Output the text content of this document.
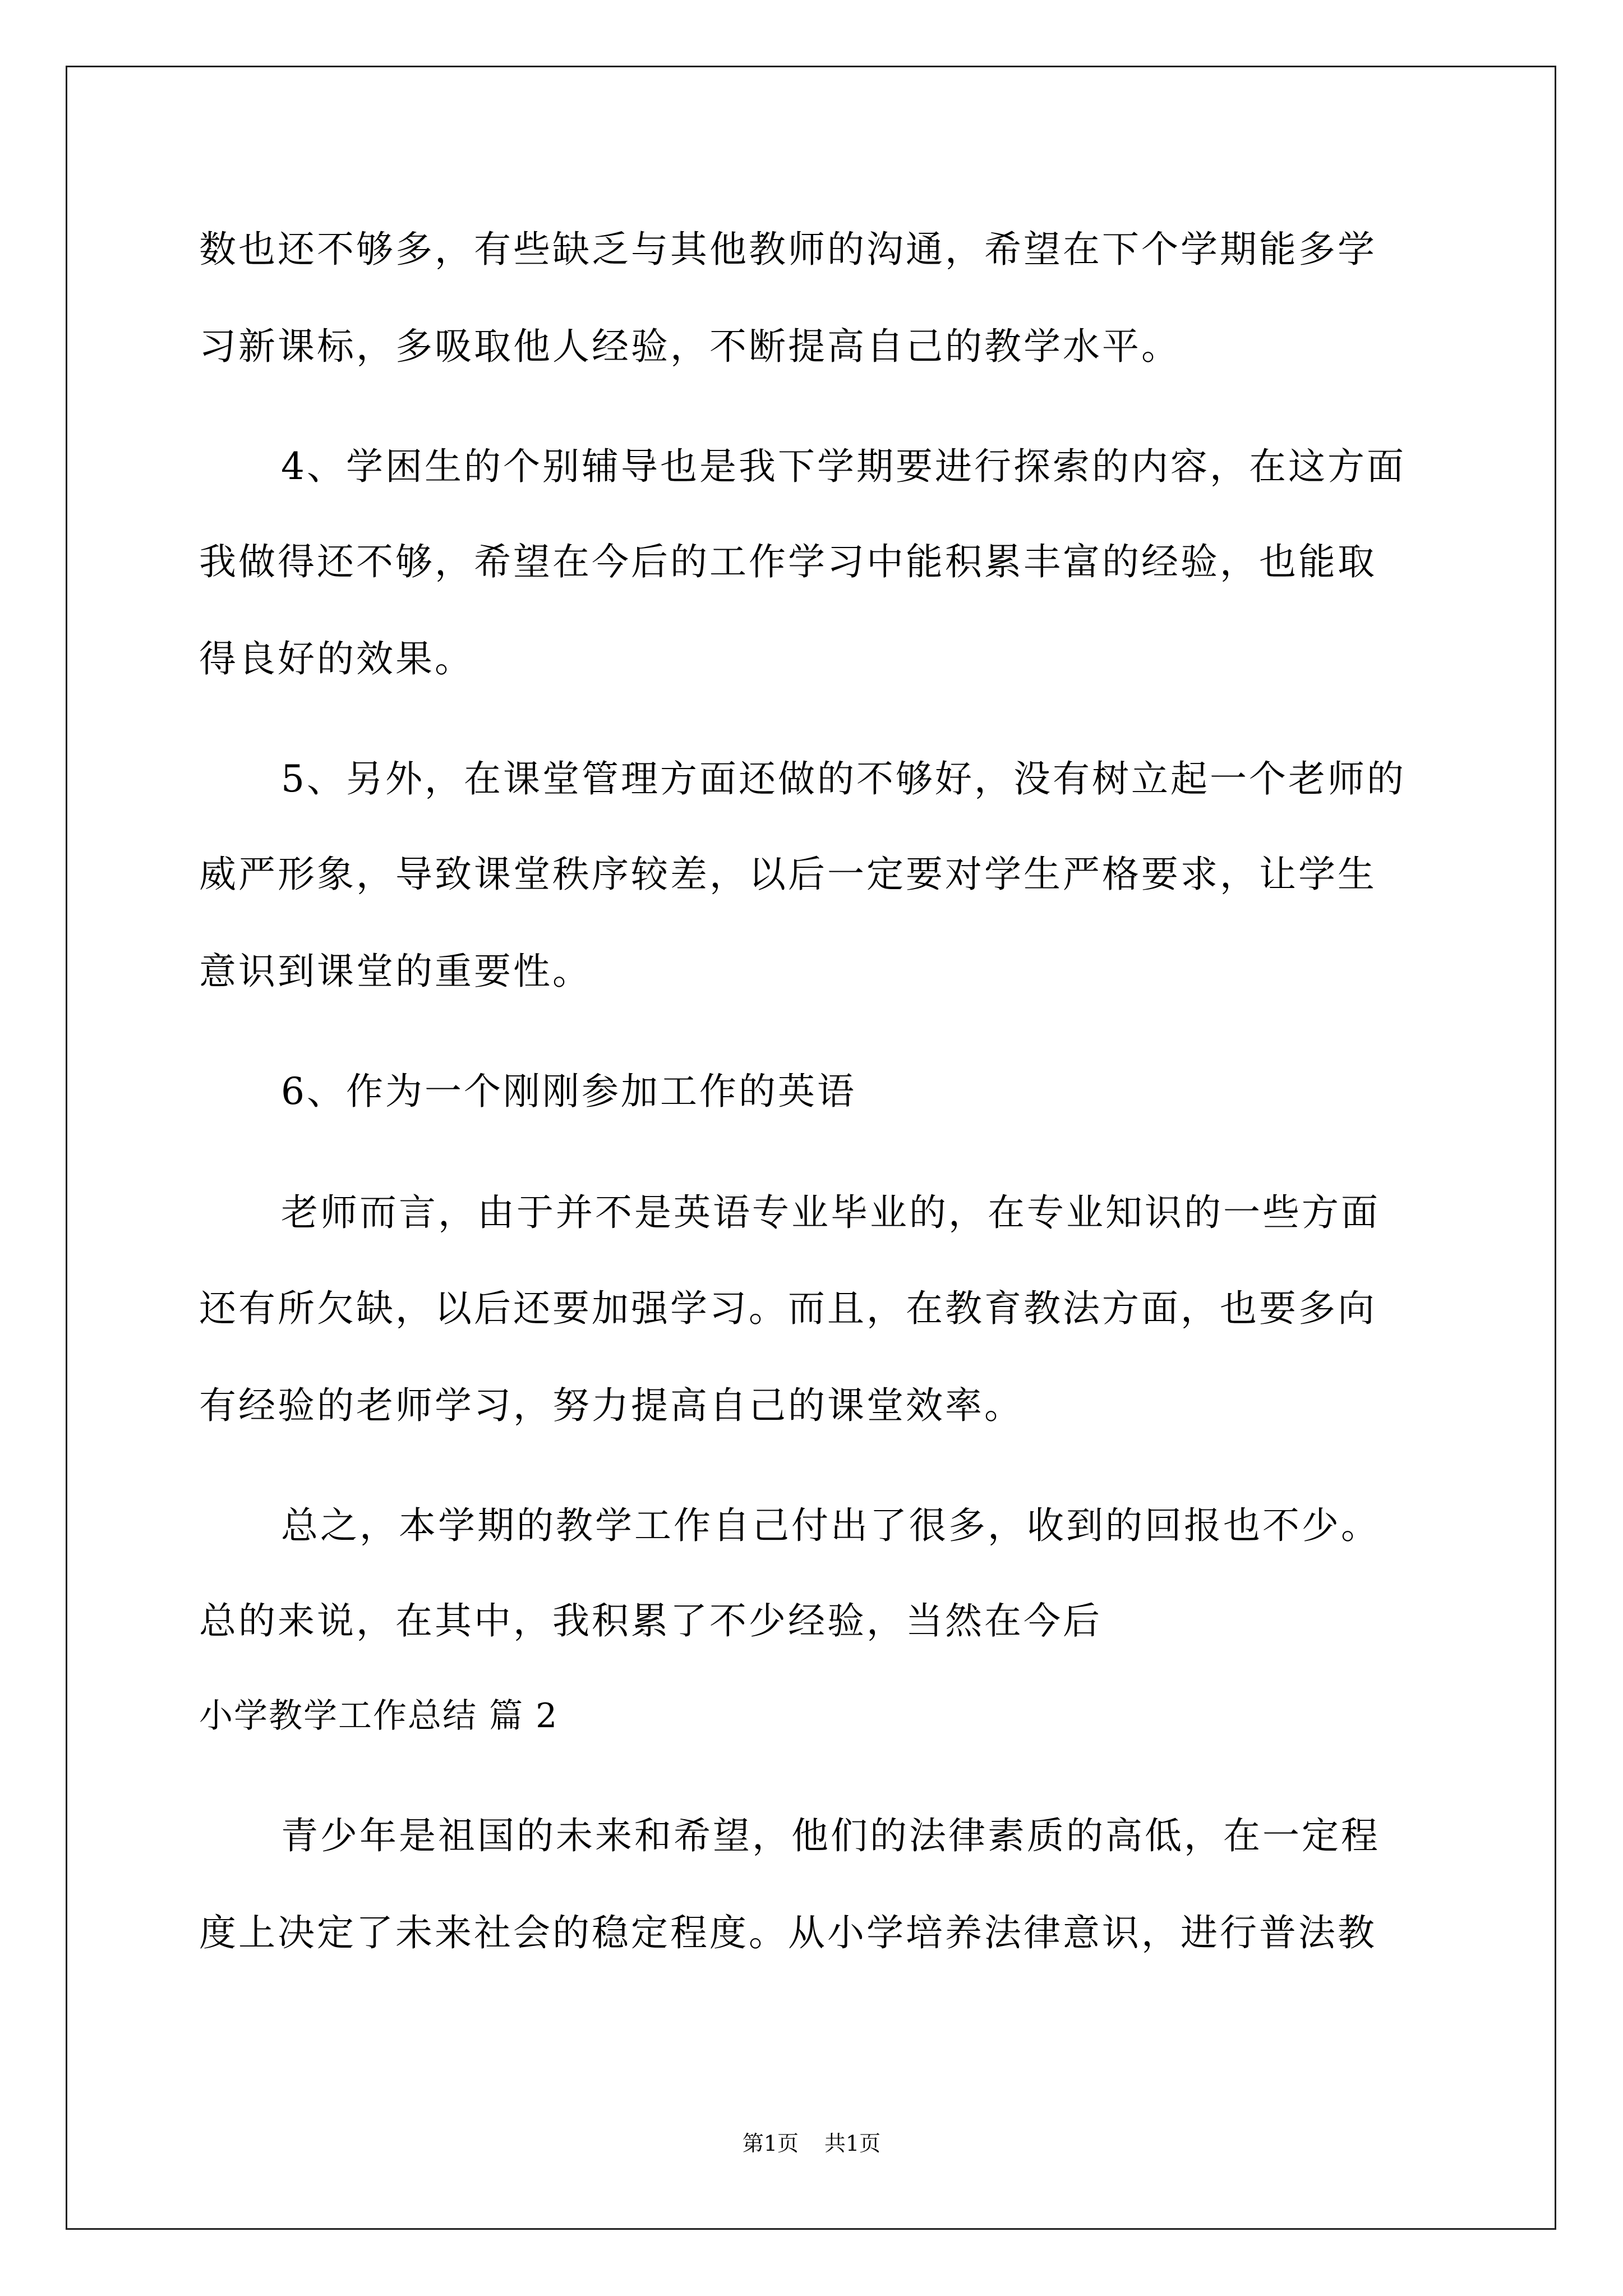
数也还不够多，有些缺乏与其他教师的沟通，希望在下个学期能多学
习新课标，多吸取他人经验，不断提高自己的教学水平。
4、学困生的个别辅导也是我下学期要进行探索的内容，在这方面
我做得还不够，希望在今后的工作学习中能积累丰富的经验，也能取
得良好的效果。
5、另外，在课堂管理方面还做的不够好，没有树立起一个老师的
威严形象，导致课堂秩序较差，以后一定要对学生严格要求，让学生
意识到课堂的重要性。
6、作为一个刚刚参加工作的英语
老师而言，由于并不是英语专业毕业的，在专业知识的一些方面
还有所欠缺，以后还要加强学习。而且，在教育教法方面，也要多向
有经验的老师学习，努力提高自己的课堂效率。
总之，本学期的教学工作自己付出了很多，收到的回报也不少。
总的来说，在其中，我积累了不少经验，当然在今后
小学教学工作总结 篇 2
青少年是祖国的未来和希望，他们的法律素质的高低，在一定程
度上决定了未来社会的稳定程度。从小学培养法律意识，进行普法教
第1页 共1页
